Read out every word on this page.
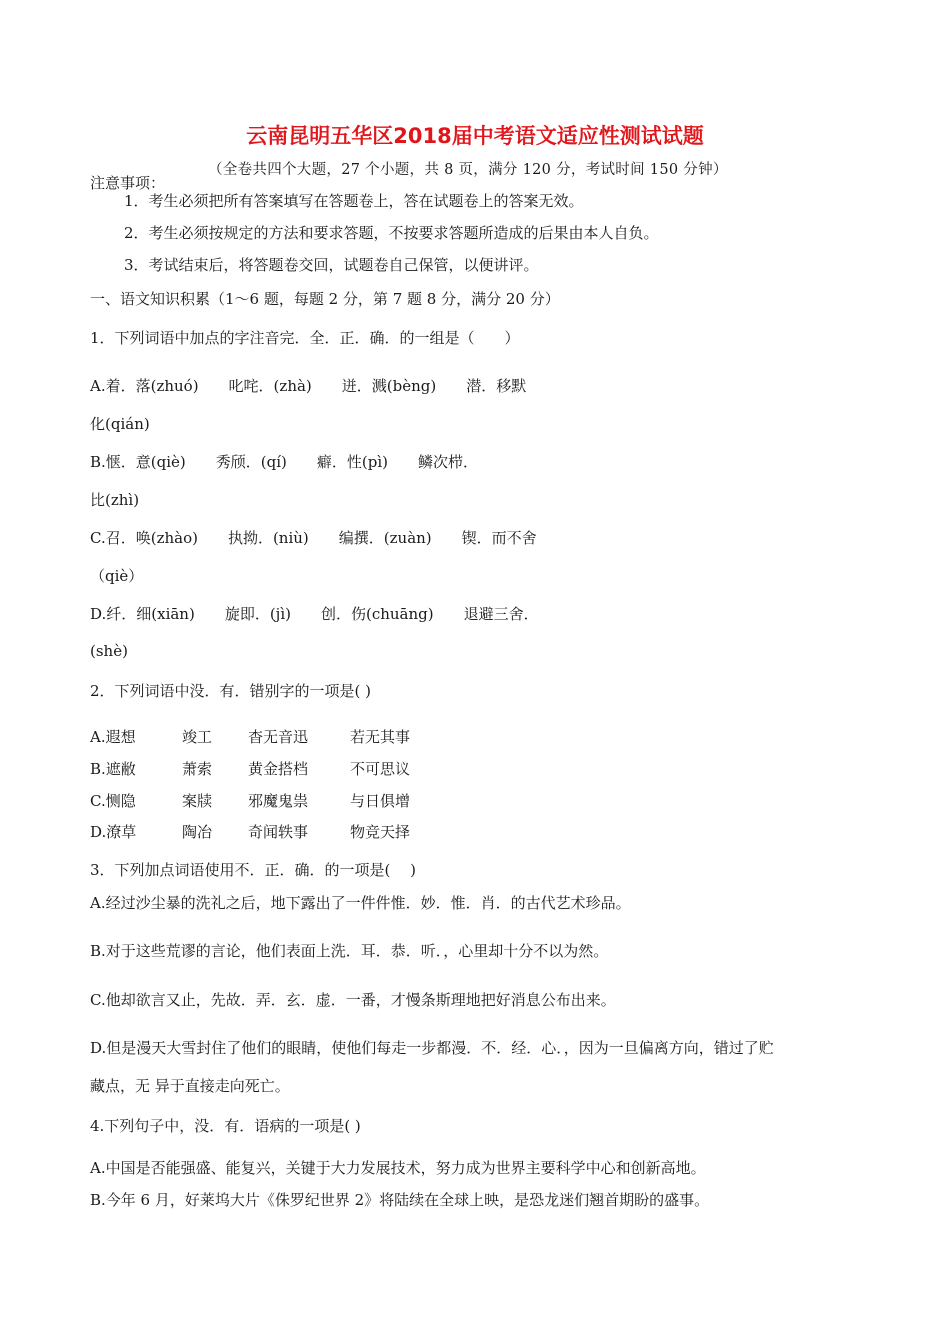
云南昆明五华区2018届中考语文适应性测试试题
（全卷共四个大题，27 个小题，共 8 页，满分 120 分，考试时间 150 分钟）
注意事项：
1．考生必须把所有答案填写在答题卷上，答在试题卷上的答案无效。
2．考生必须按规定的方法和要求答题，不按要求答题所造成的后果由本人自负。
3．考试结束后，将答题卷交回，试题卷自己保管，以便讲评。
一、语文知识积累（1～6 题，每题 2 分，第 7 题 8 分，满分 20 分）
1．下列词语中加点的字注音完．全．正．确．的一组是（　　）
A.着．落(zhuó)　　叱咤．(zhà)　　迸．溅(bèng)　　潜．移默
化(qián)
B.惬．意(qiè)　　秀颀．(qí)　　癖．性(pì)　　鳞次栉．
比(zhì)
C.召．唤(zhào)　　执拗．(niù)　　编撰．(zuàn)　　锲．而不舍
（qiè）
D.纤．细(xiān)　　旋即．(jì)　　创．伤(chuāng)　　退避三舍．
(shè)
2．下列词语中没．有．错别字的一项是( )
A.遐想	竣工	杳无音迅	若无其事
B.遮敝	萧索	黄金搭档	不可思议
C.恻隐	案牍	邪魔鬼祟	与日俱增
D.潦草	陶冶	奇闻轶事	物竞天择
3．下列加点词语使用不．正．确．的一项是(　 )
A.经过沙尘暴的洗礼之后，地下露出了一件件惟．妙．惟．肖．的古代艺术珍品。
B.对于这些荒谬的言论，他们表面上洗．耳．恭．听．，心里却十分不以为然。
C.他却欲言又止，先故．弄．玄．虚．一番，才慢条斯理地把好消息公布出来。
D.但是漫天大雪封住了他们的眼睛，使他们每走一步都漫．不．经．心．，因为一旦偏离方向，错过了贮
藏点，无 异于直接走向死亡。
4.下列句子中，没．有．语病的一项是( )
A.中国是否能强盛、能复兴，关键于大力发展技术，努力成为世界主要科学中心和创新高地。
B.今年 6 月，好莱坞大片《侏罗纪世界 2》将陆续在全球上映，是恐龙迷们翘首期盼的盛事。
